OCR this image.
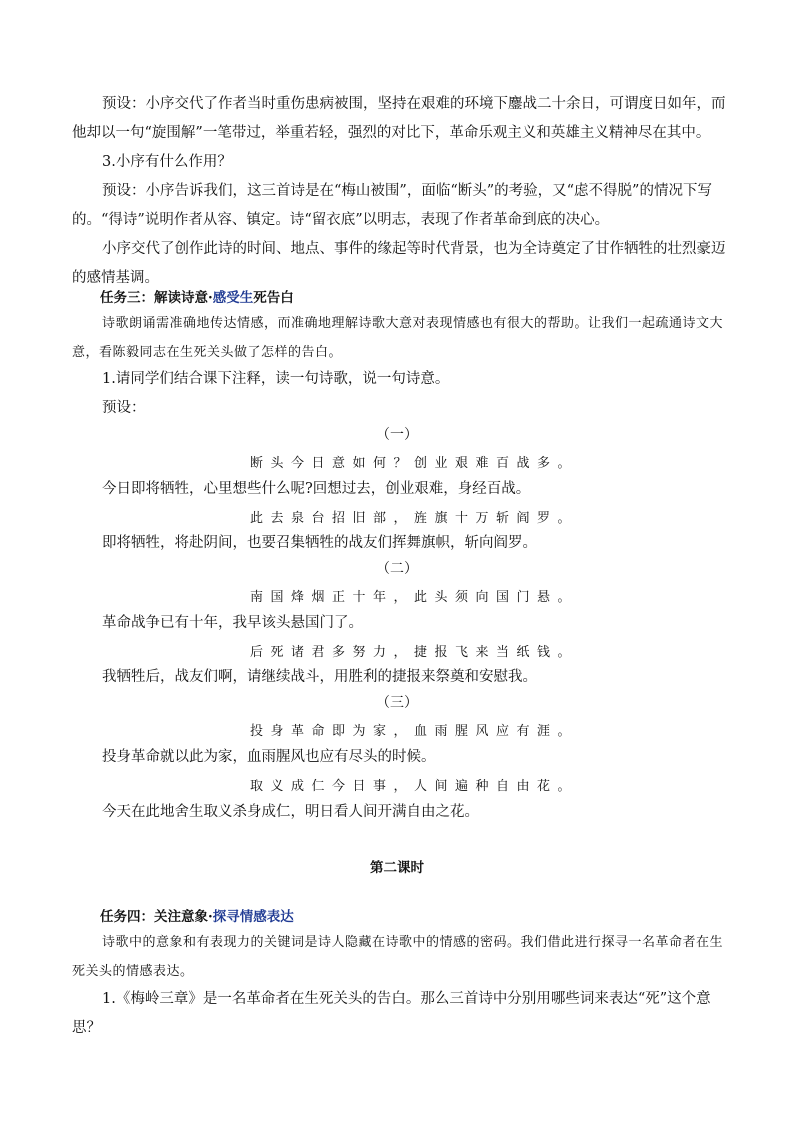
预设：小序交代了作者当时重伤患病被围，坚持在艰难的环境下鏖战二十余日，可谓度日如年，而他却以一句“旋围解”一笔带过，举重若轻，强烈的对比下，革命乐观主义和英雄主义精神尽在其中。

3.小序有什么作用？

预设：小序告诉我们，这三首诗是在“梅山被围”，面临“断头”的考验，又“虑不得脱”的情况下写的。“得诗”说明作者从容、镇定。诗“留衣底”以明志，表现了作者革命到底的决心。

小序交代了创作此诗的时间、地点、事件的缘起等时代背景，也为全诗奠定了甘作牺牲的壮烈豪迈的感情基调。

任务三：解读诗意·感受生死告白

诗歌朗诵需准确地传达情感，而准确地理解诗歌大意对表现情感也有很大的帮助。让我们一起疏通诗文大意，看陈毅同志在生死关头做了怎样的告白。

1.请同学们结合课下注释，读一句诗歌，说一句诗意。

预设：

（一）

断头今日意如何？创业艰难百战多。

今日即将牺牲，心里想些什么呢?回想过去，创业艰难，身经百战。

此去泉台招旧部，旌旗十万斩阎罗。

即将牺牲，将赴阴间，也要召集牺牲的战友们挥舞旗帜，斩向阎罗。

（二）

南国烽烟正十年，此头须向国门悬。

革命战争已有十年，我早该头悬国门了。

后死诸君多努力，捷报飞来当纸钱。

我牺牲后，战友们啊，请继续战斗，用胜利的捷报来祭奠和安慰我。

（三）

投身革命即为家，血雨腥风应有涯。

投身革命就以此为家，血雨腥风也应有尽头的时候。

取义成仁今日事，人间遍种自由花。

今天在此地舍生取义杀身成仁，明日看人间开满自由之花。

第二课时

任务四：关注意象·探寻情感表达

诗歌中的意象和有表现力的关键词是诗人隐藏在诗歌中的情感的密码。我们借此进行探寻一名革命者在生死关头的情感表达。

1.《梅岭三章》是一名革命者在生死关头的告白。那么三首诗中分别用哪些词来表达“死”这个意思？
